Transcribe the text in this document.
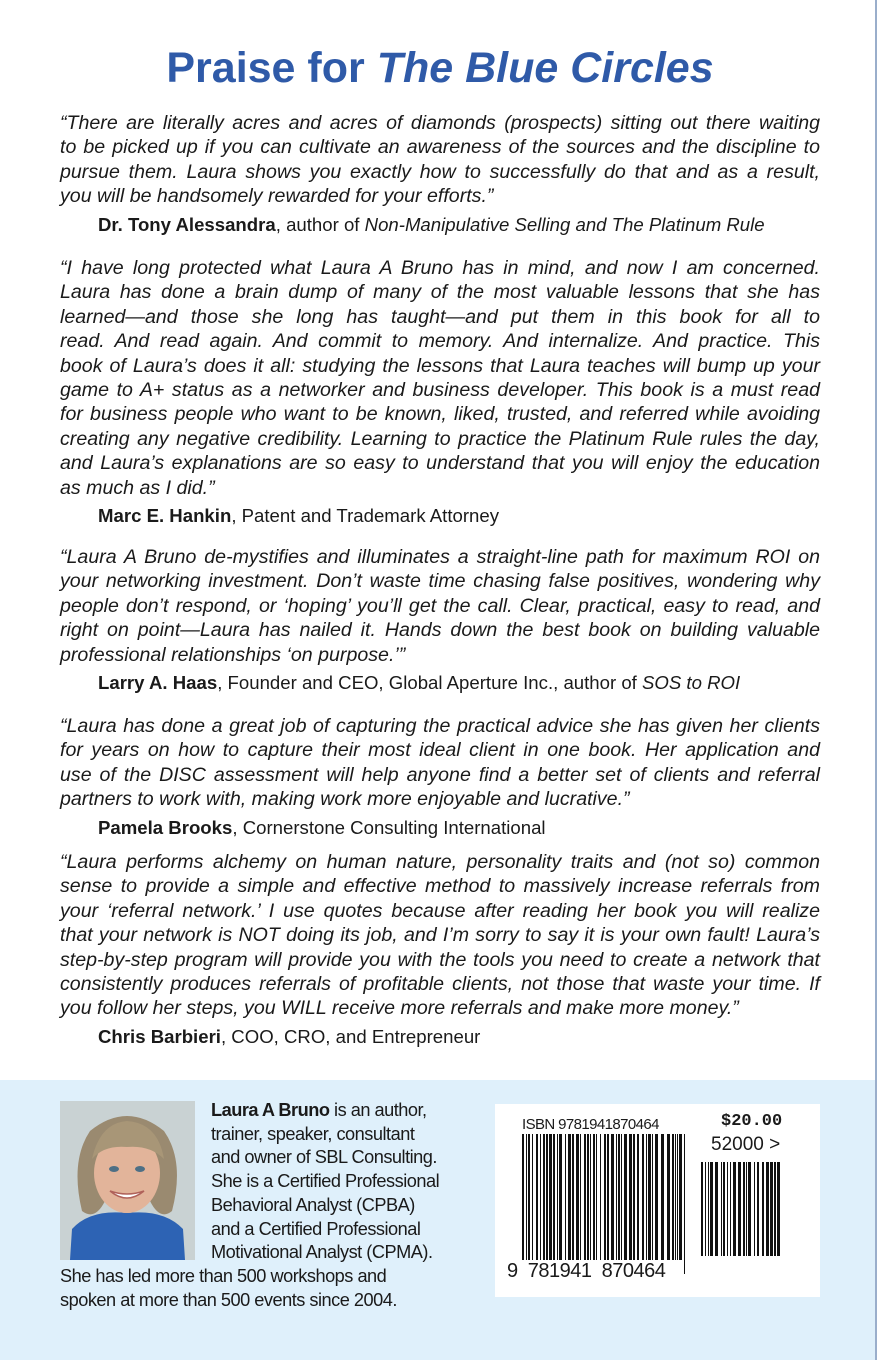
Praise for The Blue Circles
“There are literally acres and acres of diamonds (prospects) sitting out there waiting
to be picked up if you can cultivate an awareness of the sources and the discipline to
pursue them. Laura shows you exactly how to successfully do that and as a result,
you will be handsomely rewarded for your efforts.”
Dr. Tony Alessandra, author of Non-Manipulative Selling and The Platinum Rule
“I have long protected what Laura A Bruno has in mind, and now I am concerned.
Laura has done a brain dump of many of the most valuable lessons that she has
learned—and those she long has taught—and put them in this book for all to
read. And read again. And commit to memory. And internalize. And practice. This
book of Laura’s does it all: studying the lessons that Laura teaches will bump up your
game to A+ status as a networker and business developer. This book is a must read
for business people who want to be known, liked, trusted, and referred while avoiding
creating any negative credibility. Learning to practice the Platinum Rule rules the day,
and Laura’s explanations are so easy to understand that you will enjoy the education
as much as I did.”
Marc E. Hankin, Patent and Trademark Attorney
“Laura A Bruno de-mystifies and illuminates a straight-line path for maximum ROI on
your networking investment. Don’t waste time chasing false positives, wondering why
people don’t respond, or ‘hoping’ you’ll get the call. Clear, practical, easy to read, and
right on point—Laura has nailed it. Hands down the best book on building valuable
professional relationships ‘on purpose.’”
Larry A. Haas, Founder and CEO, Global Aperture Inc., author of SOS to ROI
“Laura has done a great job of capturing the practical advice she has given her clients
for years on how to capture their most ideal client in one book. Her application and
use of the DISC assessment will help anyone find a better set of clients and referral
partners to work with, making work more enjoyable and lucrative.”
Pamela Brooks, Cornerstone Consulting International
“Laura performs alchemy on human nature, personality traits and (not so) common
sense to provide a simple and effective method to massively increase referrals from
your ‘referral network.’ I use quotes because after reading her book you will realize
that your network is NOT doing its job, and I’m sorry to say it is your own fault! Laura’s
step-by-step program will provide you with the tools you need to create a network that
consistently produces referrals of profitable clients, not those that waste your time. If
you follow her steps, you WILL receive more referrals and make more money.”
Chris Barbieri, COO, CRO, and Entrepreneur
Laura A Bruno is an author,
trainer, speaker, consultant
and owner of SBL Consulting.
She is a Certified Professional
Behavioral Analyst (CPBA)
and a Certified Professional
Motivational Analyst (CPMA).
She has led more than 500 workshops and
spoken at more than 500 events since 2004.
ISBN 9781941870464	$20.00
52000 >
9  781941  870464
